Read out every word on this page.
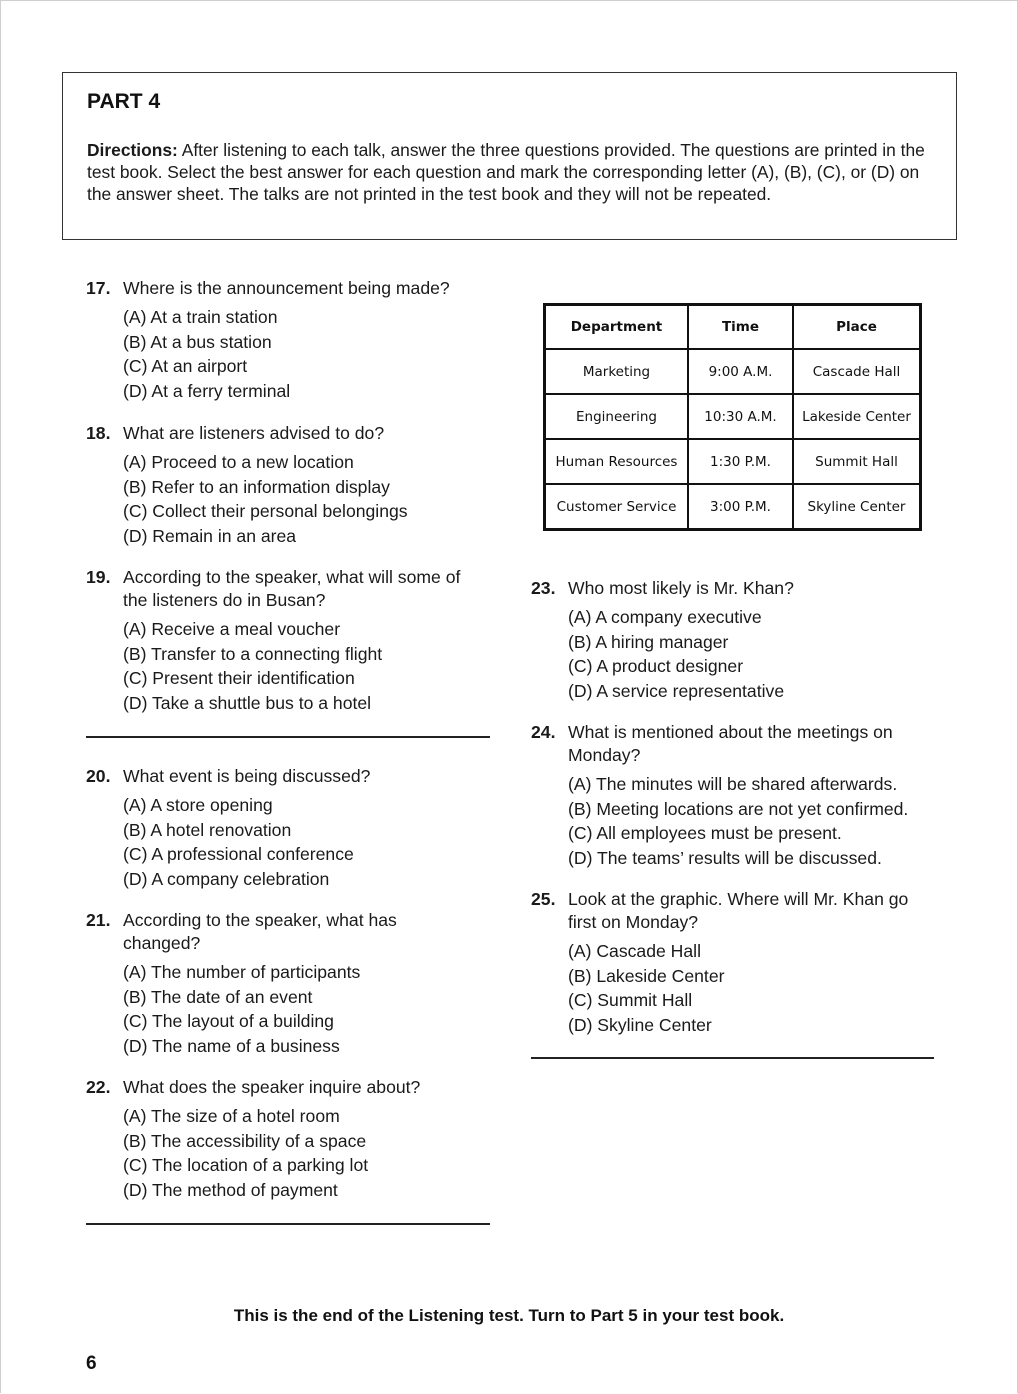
PART 4

Directions: After listening to each talk, answer the three questions provided. The questions are printed in the test book. Select the best answer for each question and mark the corresponding letter (A), (B), (C), or (D) on the answer sheet. The talks are not printed in the test book and they will not be repeated.

17. Where is the announcement being made?
(A) At a train station
(B) At a bus station
(C) At an airport
(D) At a ferry terminal
18. What are listeners advised to do?
(A) Proceed to a new location
(B) Refer to an information display
(C) Collect their personal belongings
(D) Remain in an area
19. According to the speaker, what will some of the listeners do in Busan?
(A) Receive a meal voucher
(B) Transfer to a connecting flight
(C) Present their identification
(D) Take a shuttle bus to a hotel
20. What event is being discussed?
(A) A store opening
(B) A hotel renovation
(C) A professional conference
(D) A company celebration
21. According to the speaker, what has changed?
(A) The number of participants
(B) The date of an event
(C) The layout of a building
(D) The name of a business
22. What does the speaker inquire about?
(A) The size of a hotel room
(B) The accessibility of a space
(C) The location of a parking lot
(D) The method of payment
Department	Time	Place
Marketing	9:00 A.M.	Cascade Hall
Engineering	10:30 A.M.	Lakeside Center
Human Resources	1:30 P.M.	Summit Hall
Customer Service	3:00 P.M.	Skyline Center
23. Who most likely is Mr. Khan?
(A) A company executive
(B) A hiring manager
(C) A product designer
(D) A service representative
24. What is mentioned about the meetings on Monday?
(A) The minutes will be shared afterwards.
(B) Meeting locations are not yet confirmed.
(C) All employees must be present.
(D) The teams’ results will be discussed.
25. Look at the graphic. Where will Mr. Khan go first on Monday?
(A) Cascade Hall
(B) Lakeside Center
(C) Summit Hall
(D) Skyline Center

This is the end of the Listening test. Turn to Part 5 in your test book.

6
